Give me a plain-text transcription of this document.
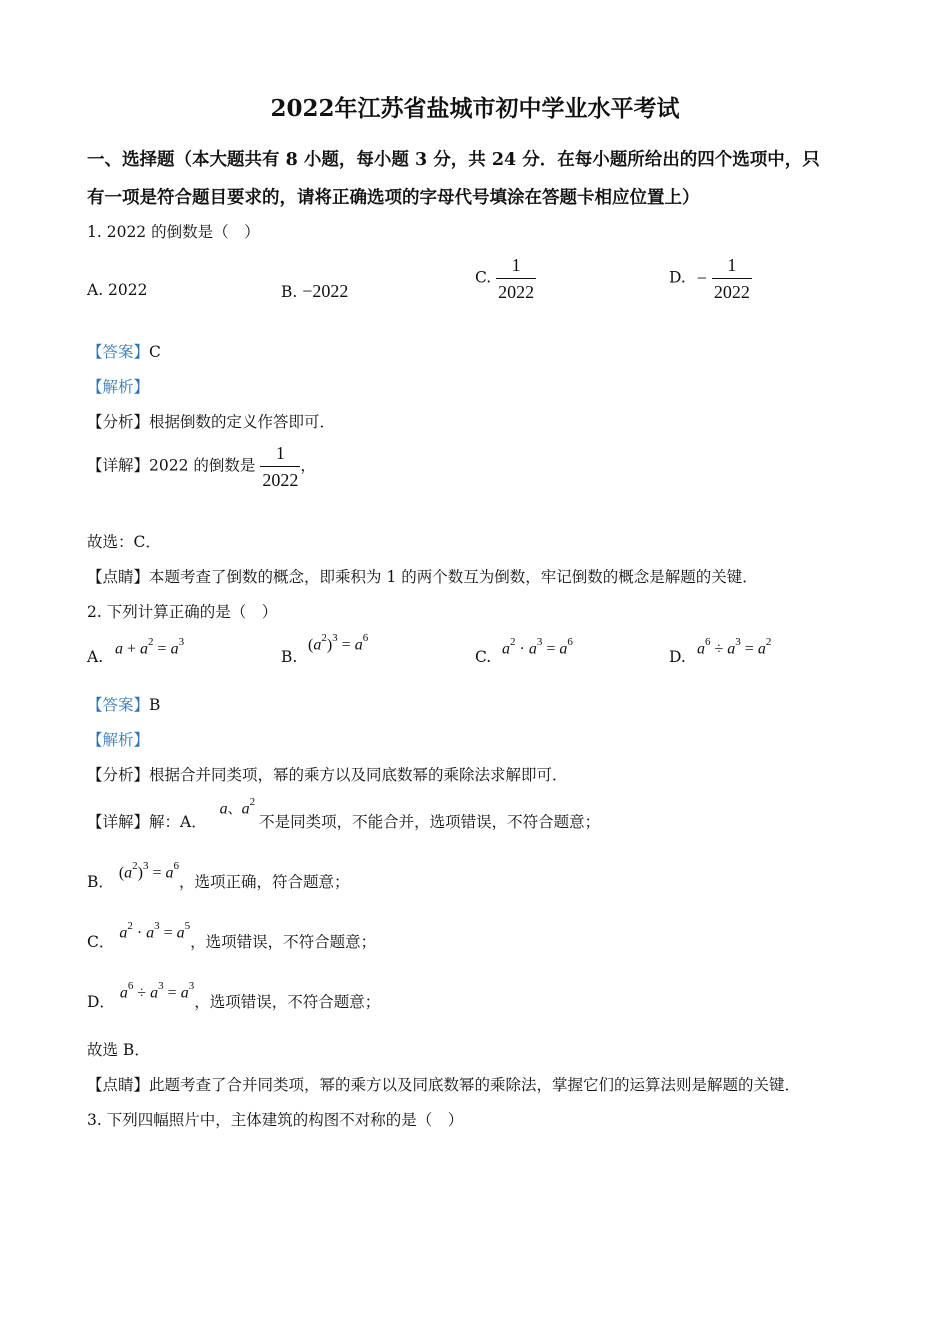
2022年江苏省盐城市初中学业水平考试
一、选择题（本大题共有 8 小题，每小题 3 分，共 24 分．在每小题所给出的四个选项中，只
有一项是符合题目要求的，请将正确选项的字母代号填涂在答题卡相应位置上）
1. 2022 的倒数是（　）
A. 2022	B. −2022
C. $\frac{1}{2022}$	D. − $\frac{1}{2022}$
【答案】C
【解析】
【分析】根据倒数的定义作答即可．
【详解】2022 的倒数是 $\frac{1}{2022}$ ，
故选：C．
【点睛】本题考查了倒数的概念，即乘积为 1 的两个数互为倒数，牢记倒数的概念是解题的关键．
2. 下列计算正确的是（　）
A. $a + a^2 = a^3$
B.
$(a^2)^3 = a^6$
C. $a^2 \cdot a^3 = a^6$
D. $a^6 \div a^3 = a^2$
【答案】B
【解析】
【分析】根据合并同类项，幂的乘方以及同底数幂的乘除法求解即可．
【详解】解：A． a、$a^2$不是同类项，不能合并，选项错误，不符合题意；
B． $(a^2)^3 = a^6$，选项正确，符合题意；
C． $a^2 \cdot a^3 = a^5$，选项错误，不符合题意；
D． $a^6 \div a^3 = a^3$，选项错误，不符合题意；
故选 B．
【点睛】此题考查了合并同类项，幂的乘方以及同底数幂的乘除法，掌握它们的运算法则是解题的关键．
3. 下列四幅照片中，主体建筑的构图不对称的是（　）
